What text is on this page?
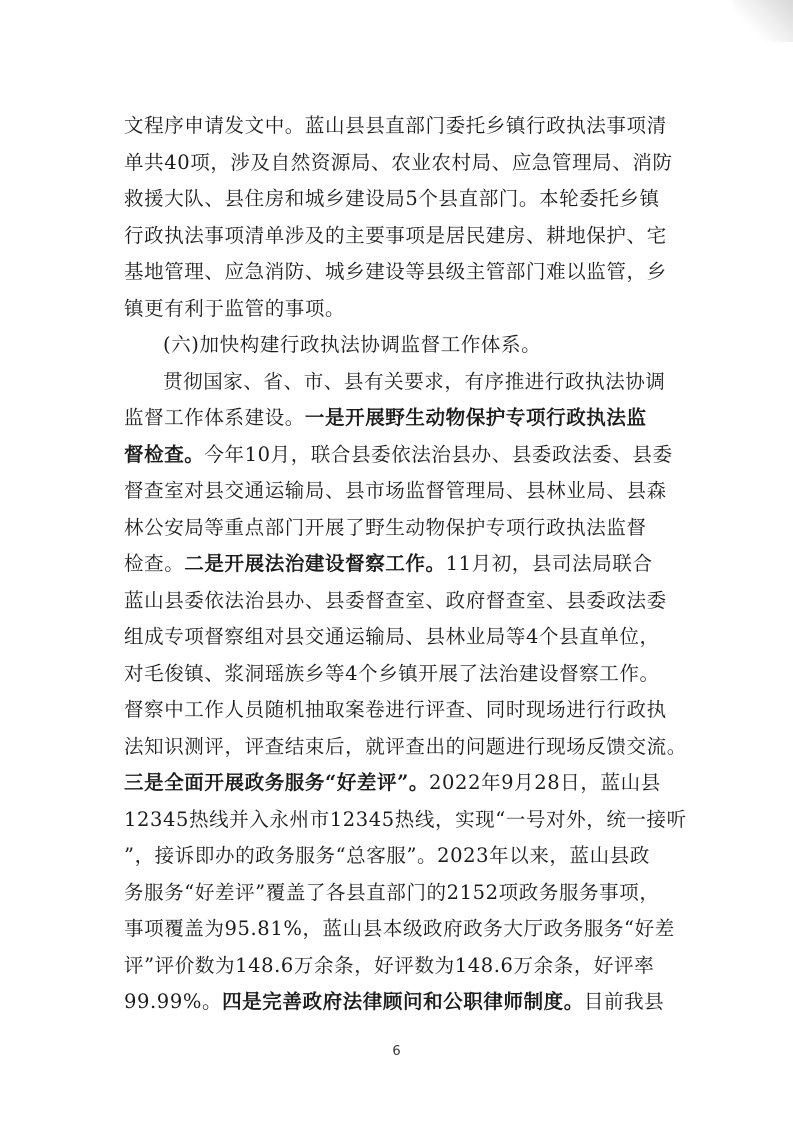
文程序申请发文中。蓝山县县直部门委托乡镇行政执法事项清
单共40项，涉及自然资源局、农业农村局、应急管理局、消防
救援大队、县住房和城乡建设局5个县直部门。本轮委托乡镇
行政执法事项清单涉及的主要事项是居民建房、耕地保护、宅
基地管理、应急消防、城乡建设等县级主管部门难以监管，乡
镇更有利于监管的事项。
(六)加快构建行政执法协调监督工作体系。
贯彻国家、省、市、县有关要求，有序推进行政执法协调
监督工作体系建设。一是开展野生动物保护专项行政执法监
督检查。今年10月，联合县委依法治县办、县委政法委、县委
督查室对县交通运输局、县市场监督管理局、县林业局、县森
林公安局等重点部门开展了野生动物保护专项行政执法监督
检查。二是开展法治建设督察工作。11月初，县司法局联合
蓝山县委依法治县办、县委督查室、政府督查室、县委政法委
组成专项督察组对县交通运输局、县林业局等4个县直单位，
对毛俊镇、浆洞瑶族乡等4个乡镇开展了法治建设督察工作。
督察中工作人员随机抽取案卷进行评查、同时现场进行行政执
法知识测评，评查结束后，就评查出的问题进行现场反馈交流。
三是全面开展政务服务“好差评”。2022年9月28日，蓝山县
12345热线并入永州市12345热线，实现“一号对外，统一接听
”，接诉即办的政务服务“总客服”。2023年以来，蓝山县政
务服务“好差评”覆盖了各县直部门的2152项政务服务事项，
事项覆盖为95.81%，蓝山县本级政府政务大厅政务服务“好差
评”评价数为148.6万余条，好评数为148.6万余条，好评率
99.99%。四是完善政府法律顾问和公职律师制度。目前我县
6
